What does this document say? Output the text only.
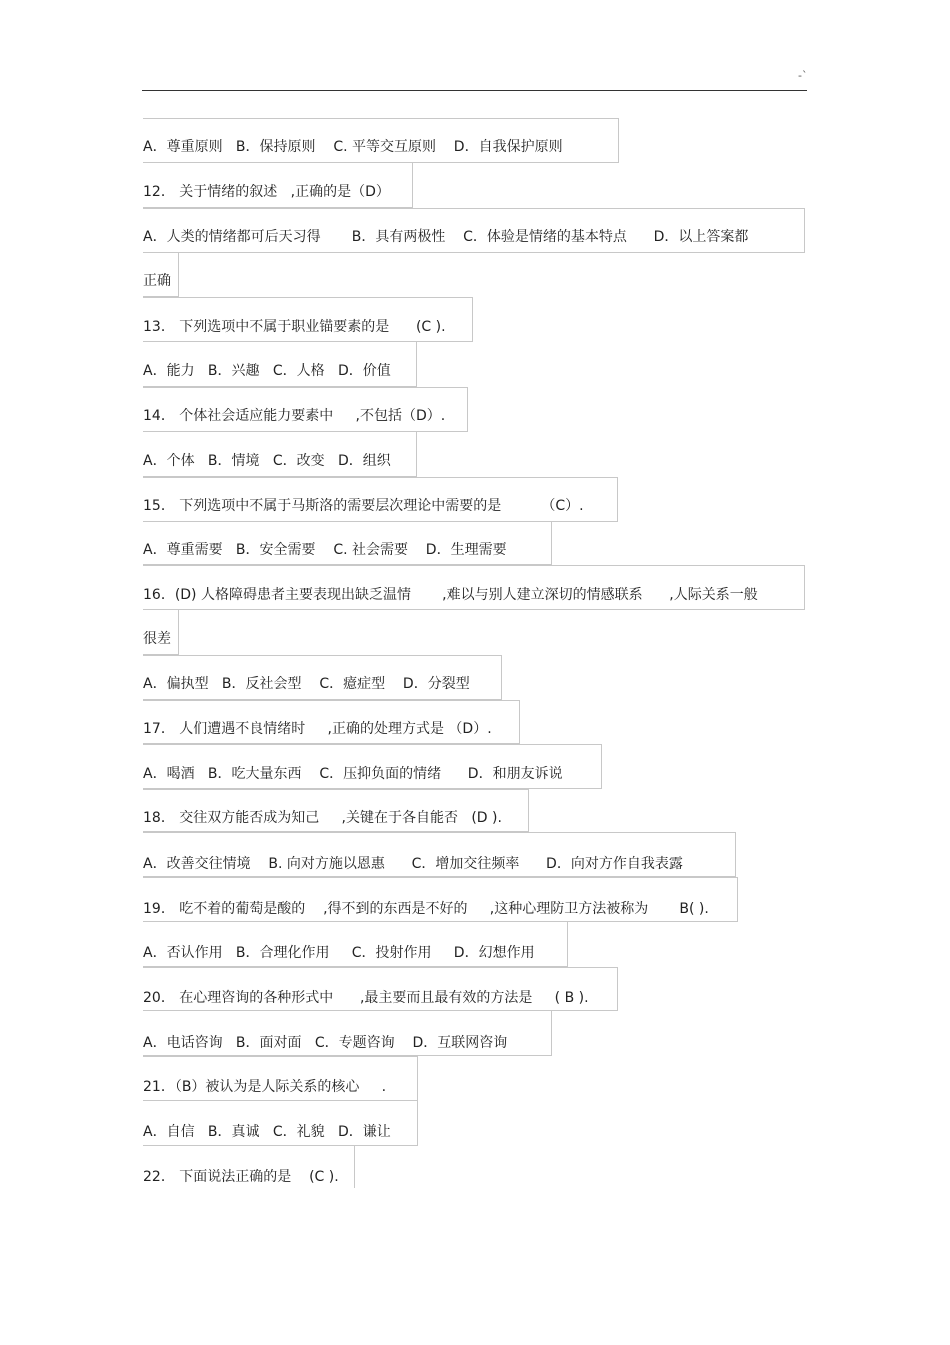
-`
A．尊重原则   B．保持原则    C. 平等交互原则    D．自我保护原则
12． 关于情绪的叙述   ,正确的是（D）
A．人类的情绪都可后天习得       B．具有两极性    C．体验是情绪的基本特点      D．以上答案都
正确
13． 下列选项中不属于职业锚要素的是      (C ).
A．能力   B．兴趣   C．人格   D．价值
14． 个体社会适应能力要素中     ,不包括（D）.
A．个体   B．情境   C．改变   D．组织
15． 下列选项中不属于马斯洛的需要层次理论中需要的是         （C）.
A．尊重需要   B．安全需要    C. 社会需要    D．生理需要
16．(D) 人格障碍患者主要表现出缺乏温情       ,难以与别人建立深切的情感联系      ,人际关系一般
很差
A．偏执型   B．反社会型    C．癔症型    D．分裂型
17． 人们遭遇不良情绪时     ,正确的处理方式是 （D）.
A．喝酒   B．吃大量东西    C．压抑负面的情绪      D．和朋友诉说
18． 交往双方能否成为知己     ,关键在于各自能否   (D ).
A．改善交往情境    B. 向对方施以恩惠      C．增加交往频率      D．向对方作自我表露
19． 吃不着的葡萄是酸的    ,得不到的东西是不好的     ,这种心理防卫方法被称为       B( ).
A．否认作用   B．合理化作用     C．投射作用     D．幻想作用
20． 在心理咨询的各种形式中      ,最主要而且最有效的方法是     ( B ).
A．电话咨询   B．面对面   C．专题咨询    D．互联网咨询
21．（B）被认为是人际关系的核心     .
A．自信   B．真诚   C．礼貌   D．谦让
22． 下面说法正确的是    (C ).
